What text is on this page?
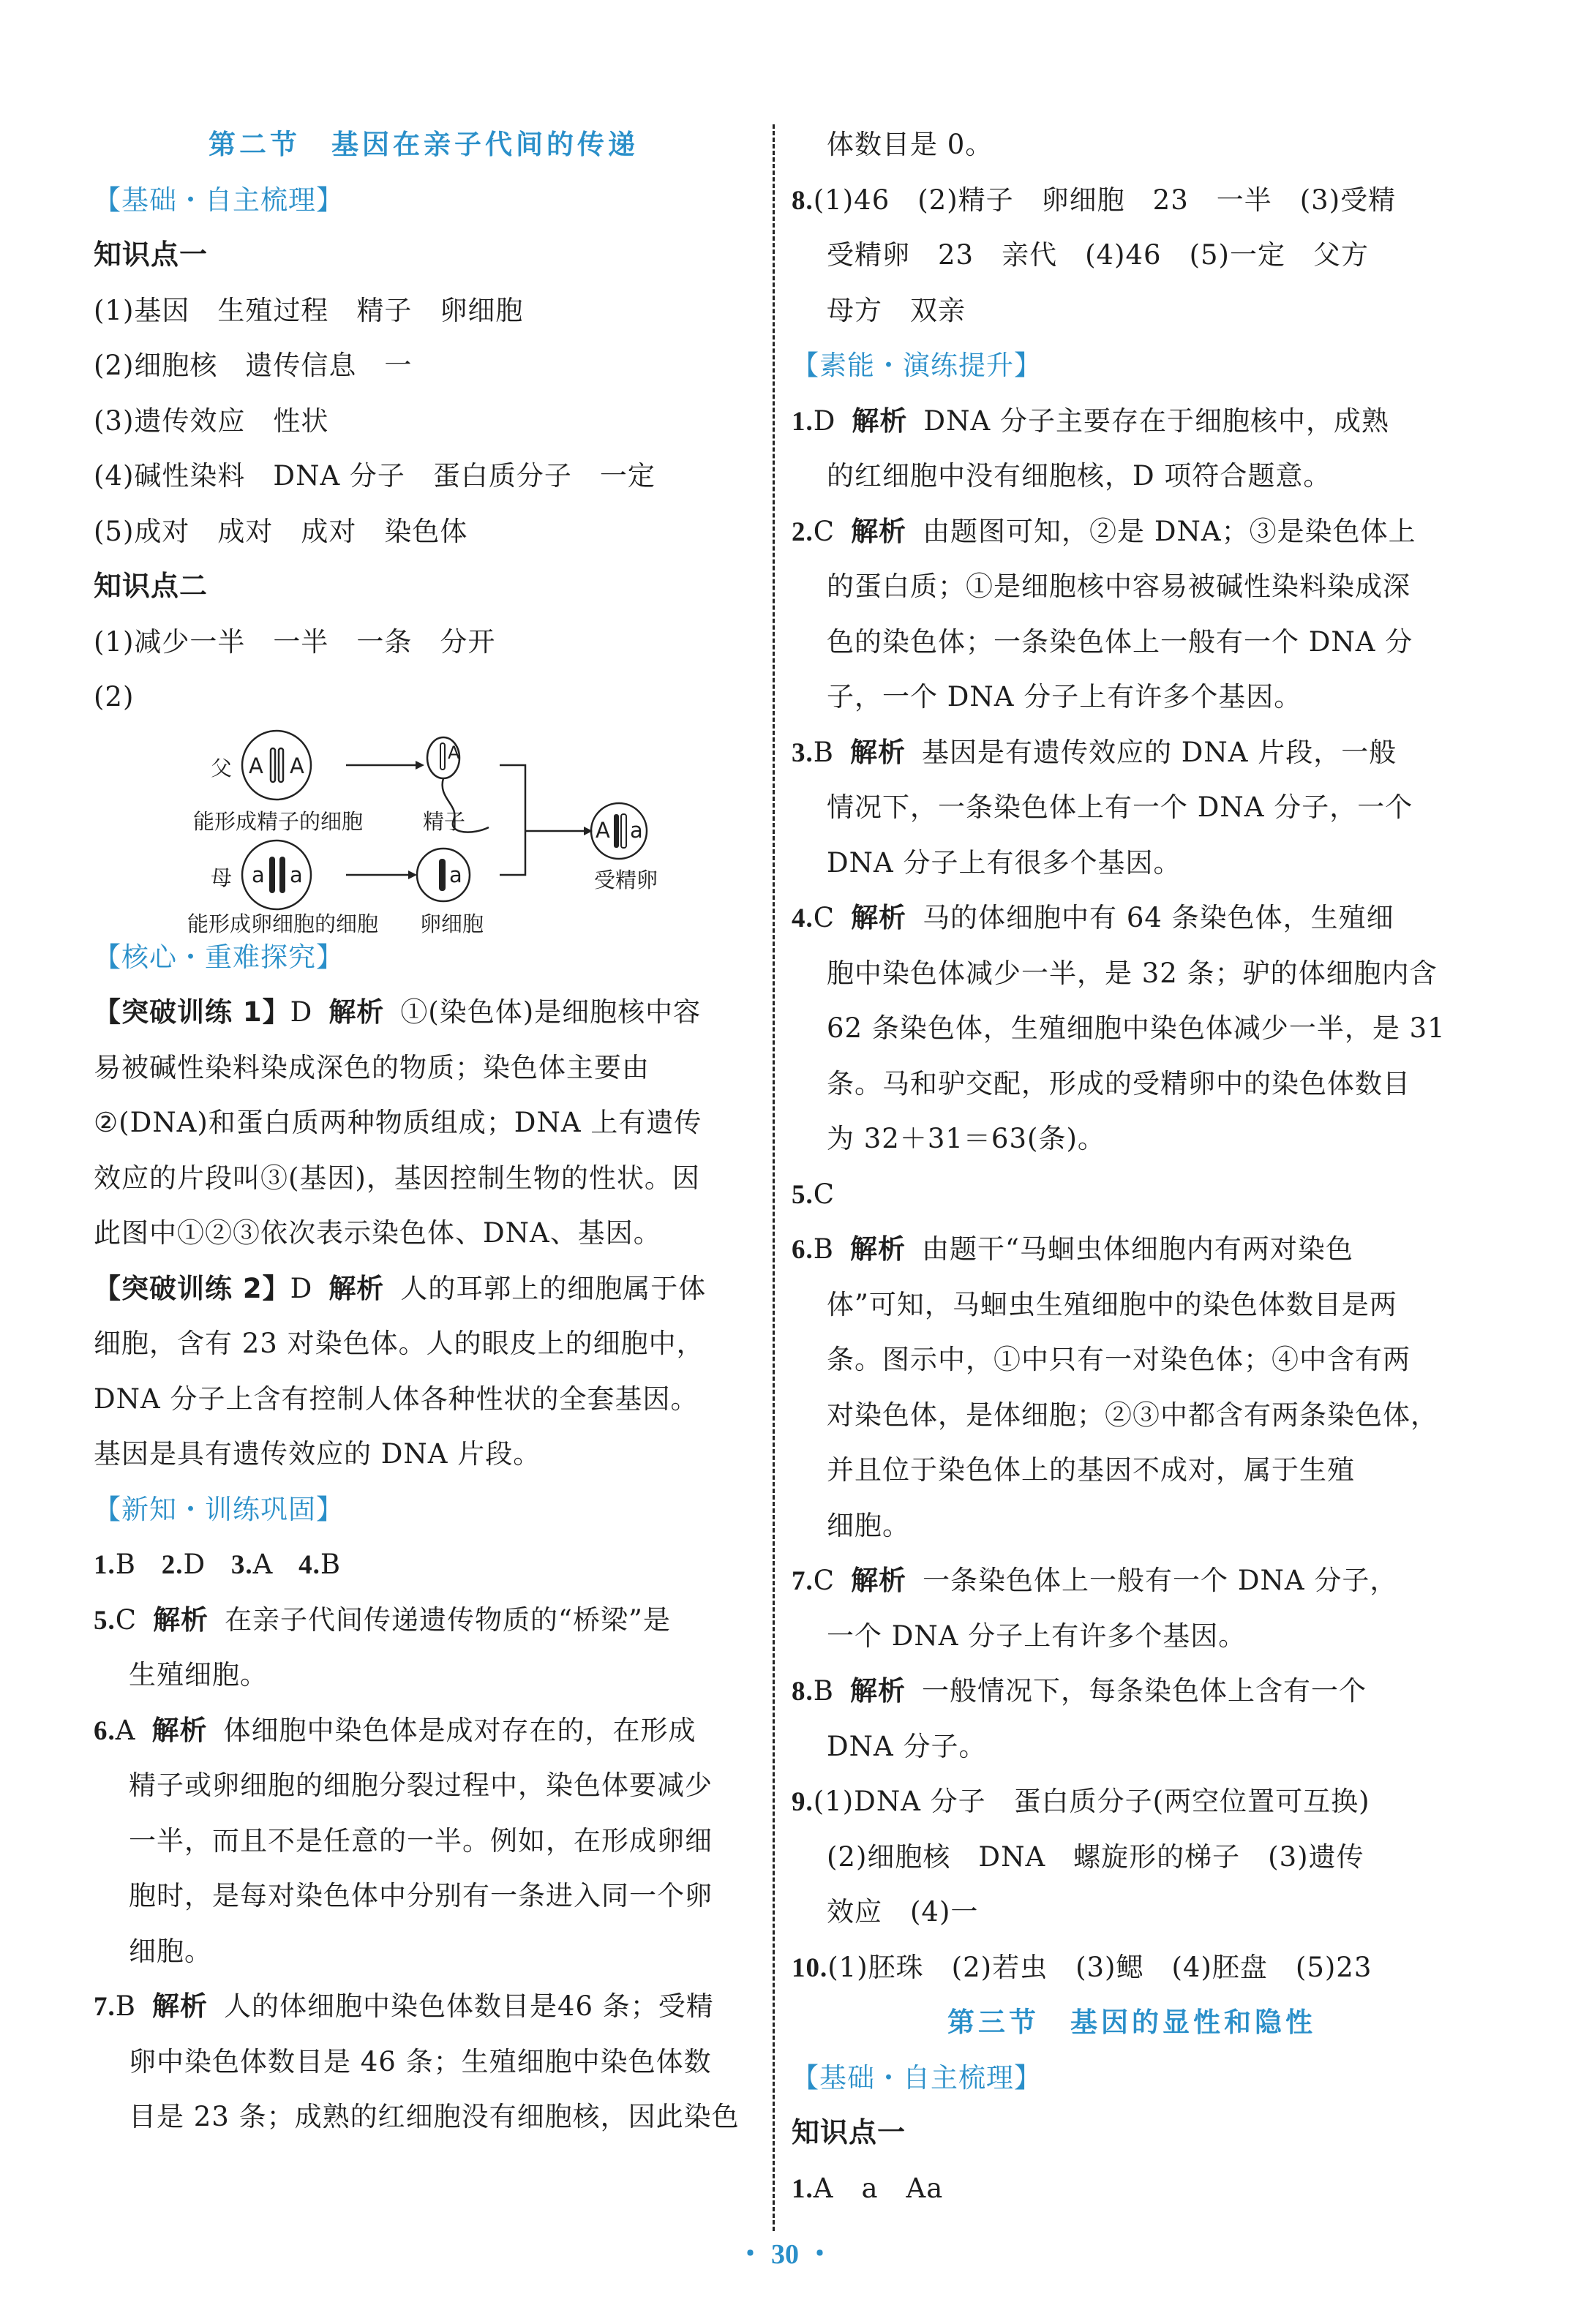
第二节　基因在亲子代间的传递
【基础・自主梳理】
知识点一
(1)基因　生殖过程　精子　卵细胞
(2)细胞核　遗传信息　一
(3)遗传效应　性状
(4)碱性染料　DNA 分子　蛋白质分子　一定
(5)成对　成对　成对　染色体
知识点二
(1)减少一半　一半　一条　分开
(2)
父
母
A A
a a
A
a
A a
能形成精子的细胞	精子
受精卵
能形成卵细胞的细胞 卵细胞
【核心・重难探究】
【突破训练 1】D 解析 ①(染色体)是细胞核中容
易被碱性染料染成深色的物质；染色体主要由
②(DNA)和蛋白质两种物质组成；DNA 上有遗传
效应的片段叫③(基因)，基因控制生物的性状。因
此图中①②③依次表示染色体、DNA、基因。
【突破训练 2】D 解析 人的耳郭上的细胞属于体
细胞，含有 23 对染色体。人的眼皮上的细胞中，
DNA 分子上含有控制人体各种性状的全套基因。
基因是具有遗传效应的 DNA 片段。
【新知・训练巩固】
1.B 2.D 3.A 4.B
5.C 解析 在亲子代间传递遗传物质的“桥梁”是
生殖细胞。
6.A 解析 体细胞中染色体是成对存在的，在形成
精子或卵细胞的细胞分裂过程中，染色体要减少
一半，而且不是任意的一半。例如，在形成卵细
胞时，是每对染色体中分别有一条进入同一个卵
细胞。
7.B 解析 人的体细胞中染色体数目是46 条；受精
卵中染色体数目是 46 条；生殖细胞中染色体数
目是 23 条；成熟的红细胞没有细胞核，因此染色
体数目是 0。
8.(1)46　(2)精子　卵细胞　23　一半　(3)受精
受精卵　23　亲代　(4)46　(5)一定　父方
母方　双亲
【素能・演练提升】
1.D 解析 DNA 分子主要存在于细胞核中，成熟
的红细胞中没有细胞核，D 项符合题意。
2.C 解析 由题图可知，②是 DNA；③是染色体上
的蛋白质；①是细胞核中容易被碱性染料染成深
色的染色体；一条染色体上一般有一个 DNA 分
子，一个 DNA 分子上有许多个基因。
3.B 解析 基因是有遗传效应的 DNA 片段，一般
情况下，一条染色体上有一个 DNA 分子，一个
DNA 分子上有很多个基因。
4.C 解析 马的体细胞中有 64 条染色体，生殖细
胞中染色体减少一半，是 32 条；驴的体细胞内含
62 条染色体，生殖细胞中染色体减少一半，是 31
条。马和驴交配，形成的受精卵中的染色体数目
为 32＋31＝63(条)。
5.C
6.B 解析 由题干“马蛔虫体细胞内有两对染色
体”可知，马蛔虫生殖细胞中的染色体数目是两
条。图示中，①中只有一对染色体；④中含有两
对染色体，是体细胞；②③中都含有两条染色体，
并且位于染色体上的基因不成对，属于生殖
细胞。
7.C 解析 一条染色体上一般有一个 DNA 分子，
一个 DNA 分子上有许多个基因。
8.B 解析 一般情况下，每条染色体上含有一个
DNA 分子。
9.(1)DNA 分子　蛋白质分子(两空位置可互换)
(2)细胞核　DNA　螺旋形的梯子　(3)遗传
效应　(4)一
10.(1)胚珠　(2)若虫　(3)鳃　(4)胚盘　(5)23
第三节　基因的显性和隐性
【基础・自主梳理】
知识点一
1.A　a　Aa
・ 30 ・
